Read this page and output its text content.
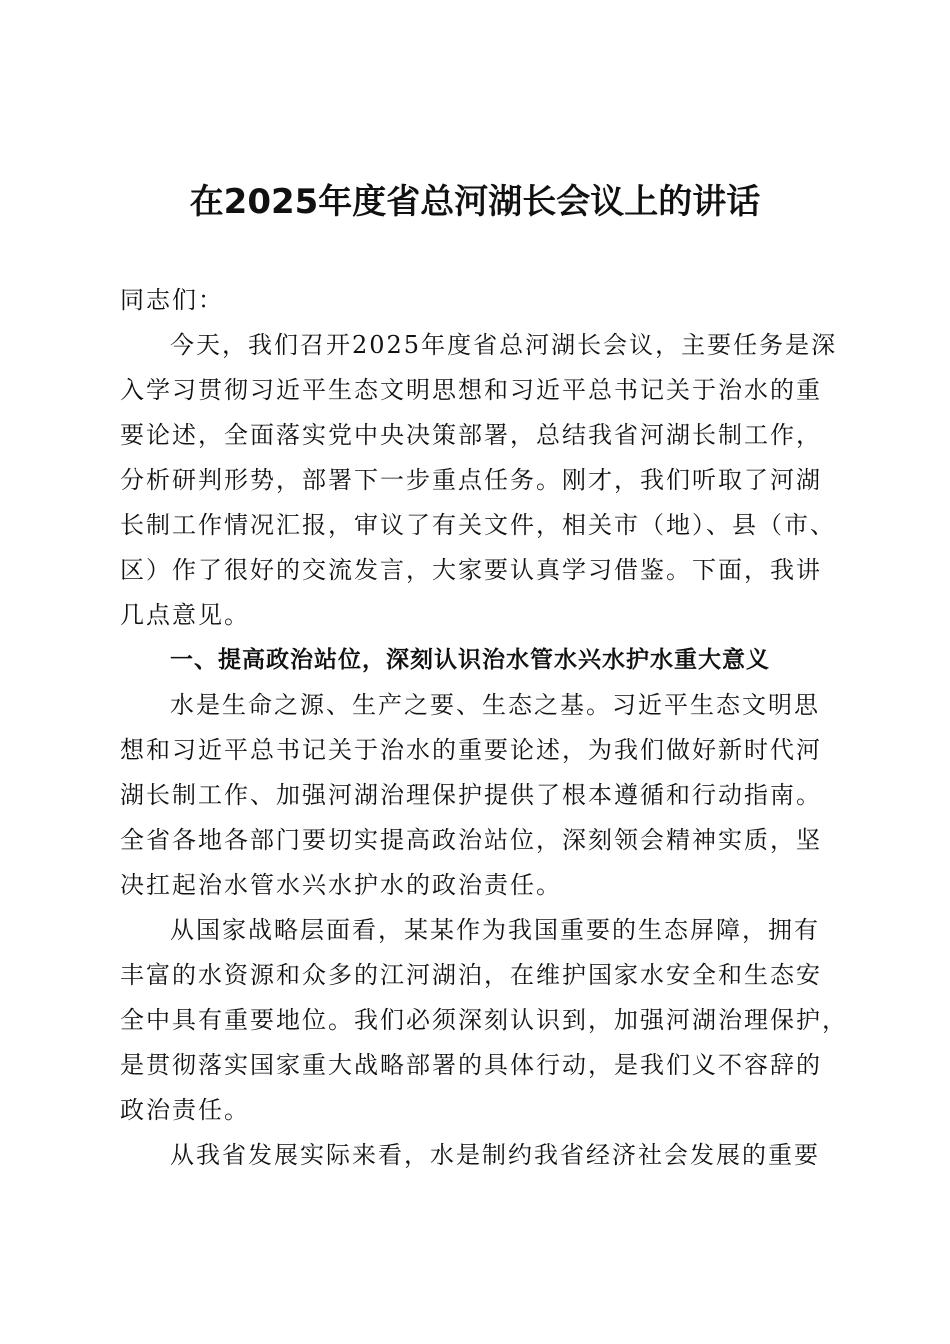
在2025年度省总河湖长会议上的讲话
同志们：
今天，我们召开2025年度省总河湖长会议，主要任务是深
入学习贯彻习近平生态文明思想和习近平总书记关于治水的重
要论述，全面落实党中央决策部署，总结我省河湖长制工作，
分析研判形势，部署下一步重点任务。刚才，我们听取了河湖
长制工作情况汇报，审议了有关文件，相关市（地）、县（市、
区）作了很好的交流发言，大家要认真学习借鉴。下面，我讲
几点意见。
一、提高政治站位，深刻认识治水管水兴水护水重大意义
水是生命之源、生产之要、生态之基。习近平生态文明思
想和习近平总书记关于治水的重要论述，为我们做好新时代河
湖长制工作、加强河湖治理保护提供了根本遵循和行动指南。
全省各地各部门要切实提高政治站位，深刻领会精神实质，坚
决扛起治水管水兴水护水的政治责任。
从国家战略层面看，某某作为我国重要的生态屏障，拥有
丰富的水资源和众多的江河湖泊，在维护国家水安全和生态安
全中具有重要地位。我们必须深刻认识到，加强河湖治理保护，
是贯彻落实国家重大战略部署的具体行动，是我们义不容辞的
政治责任。
从我省发展实际来看，水是制约我省经济社会发展的重要
